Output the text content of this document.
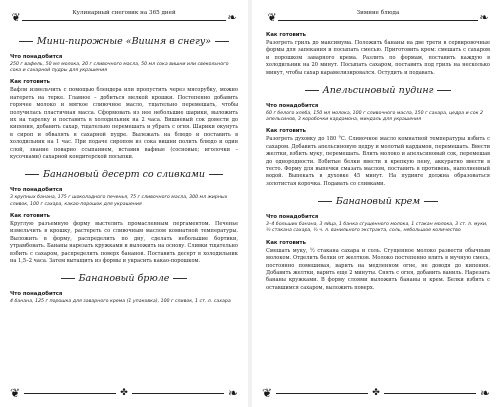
❦	Кулинарный снеговик на 365 дней	❧
Мини-пирожные «Вишня в снегу»
Что понадобится

250 г вафель, 50 мл молока, 20 г сливочного масла, 50 мл сока вишни или свекольного сока и сахарной пудры для украшения

Как готовить

Вафли измельчить с помощью блендера или пропустить через мясорубку, можно натереть на терке. Главное – добиться мелкой крошки. Постепенно добавить горячее молоко и мягкое сливочное масло, тщательно перемешать, чтобы получилась пластичная масса. Сформовать из нее небольшие шарики, выложить их на тарелку и поставить в холодильник на 2 часа. Вишневый сок довести до кипения, добавить сахар, тщательно перемешать и убрать с огня. Шарики окунуть в сироп и обвалять в сахарной пудре. Вылежать на блюдо и поставить в холодильник на 1 час. При подаче сиропом из сока вишни полить блюдо и один слой, знание поварно ссыпанием, вставив вафные (сосновые; иголочки – кусочками) сахарной кондитерской посыпки.

Банановый десерт со сливками
Что понадобится

3 крупных банана, 175 г шоколадного печенья, 75 г сливочного масла, 300 мл жирных сливок, 100 г сахара, какао-порошок для украшения

Как готовить

Круглую разъемную форму выстелить промасленным пергаментом. Печенье измельчить в крошку, растереть со сливочным маслом комнатной температуры. Выложить в форму, распределить по дну, сделать небольшие бортики, утрамбовать. Бананы нарезать кружками и выложить на основу. Сливки тщательно взбить с сахаром, распределить поверх бананов. Поставить десерт в холодильник на 1,5–2 часа. Затем вытащить из формы и украсить какао-порошком.

Банановый брюле
Что понадобится

4 банана, 125 г порошка для заварного крема (1 упаковка), 100 г сливок, 1 ст. л. сахара

❦	✤	❧
❦	Зимние блюда	❧
Как готовить

Разогреть гриль до максимума. Положить бананы на две трети в сервировочные формы для запекания и посыпать смесью. Приготовить крем: смешать с сахаром и порошком заварного крема. Разлить по формам, поставить каждую в холодильник на 20 минут. Посыпать сахаром, поставить под гриль на несколько минут, чтобы сахар карамелизировался. Остудить и подавать.

Апельсиновый пудинг
Что понадобится

60 г белого хлеба, 150 мл молока, 100 г сливочного масла, 150 г сахара, цедра и сок 2 апельсинов, 3 коробочки кардамона, миндаль для украшения

Как готовить

Разогреть духовку до 180 °С. Сливочное масло комнатной температуры взбить с сахаром. Добавить апельсиновую цедру и молотый кардамон, перемешать. Ввести желтки, взбить муку, перемешать. Влить молоко и апельсиновый сок, перемешав до однородности. Взбитые белки ввести в крепкую пену, аккуратно ввести в тесто. Форму для выпечки смазать маслом, поставить в противень, наполненный водой. Выпекать в духовке 45 минут. На пудинге должна образоваться золотистая корочка. Подавать со сливками.

Банановый крем
Что понадобится

3–4 больших банана, 3 яйца, 1 банка сгущенного молока, 1 стакан молока, 3 ст. л. муки, ½ стакана сахара, ½ ч. л. ванильного экстракта, соль, небольшое количество

Как готовить

Смешать муку, ½ стакана сахара и соль. Сгущенное молоко развести обычным молоком. Отделить белки от желтков. Молоко постепенно влить в мучную смесь, постоянно помешивая, варить на медленном огне, не доводя до кипения. Добавить желтки, варить еще 2 минуты. Снять с огня, добавить ваниль. Нарезать бананы кружками. В форму слоями выложить бананы и крем. Белки взбить с оставшимся сахаром, выложить поверх.

❦	✤	❧
